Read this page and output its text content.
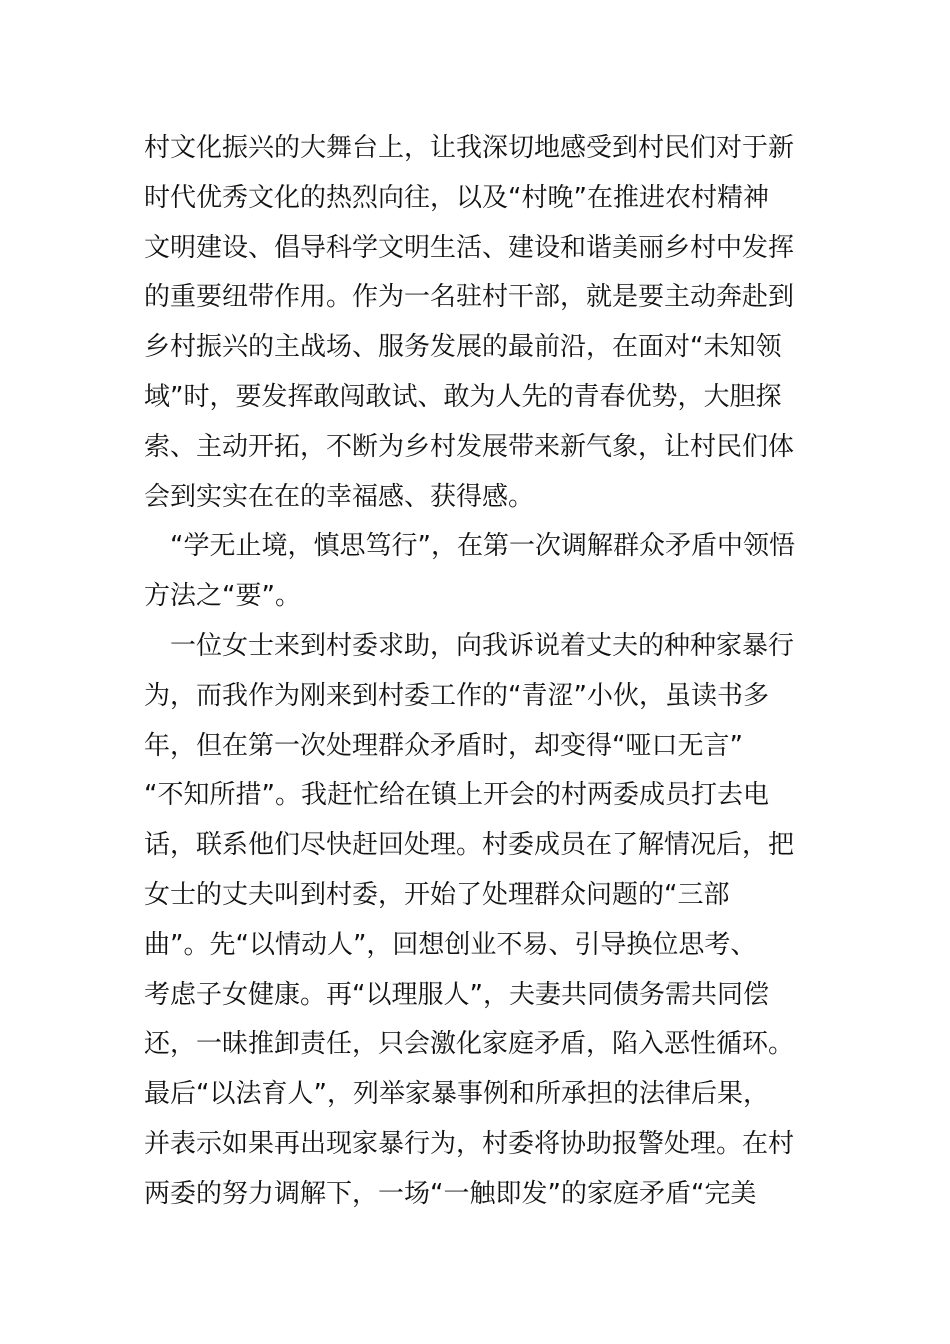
村文化振兴的大舞台上，让我深切地感受到村民们对于新
时代优秀文化的热烈向往，以及“村晚”在推进农村精神
文明建设、倡导科学文明生活、建设和谐美丽乡村中发挥
的重要纽带作用。作为一名驻村干部，就是要主动奔赴到
乡村振兴的主战场、服务发展的最前沿，在面对“未知领
域”时，要发挥敢闯敢试、敢为人先的青春优势，大胆探
索、主动开拓，不断为乡村发展带来新气象，让村民们体
会到实实在在的幸福感、获得感。
“学无止境，慎思笃行”，在第一次调解群众矛盾中领悟
方法之“要”。
一位女士来到村委求助，向我诉说着丈夫的种种家暴行
为，而我作为刚来到村委工作的“青涩”小伙，虽读书多
年，但在第一次处理群众矛盾时，却变得“哑口无言”
“不知所措”。我赶忙给在镇上开会的村两委成员打去电
话，联系他们尽快赶回处理。村委成员在了解情况后，把
女士的丈夫叫到村委，开始了处理群众问题的“三部
曲”。先“以情动人”，回想创业不易、引导换位思考、
考虑子女健康。再“以理服人”，夫妻共同债务需共同偿
还，一昧推卸责任，只会激化家庭矛盾，陷入恶性循环。
最后“以法育人”，列举家暴事例和所承担的法律后果，
并表示如果再出现家暴行为，村委将协助报警处理。在村
两委的努力调解下，一场“一触即发”的家庭矛盾“完美
